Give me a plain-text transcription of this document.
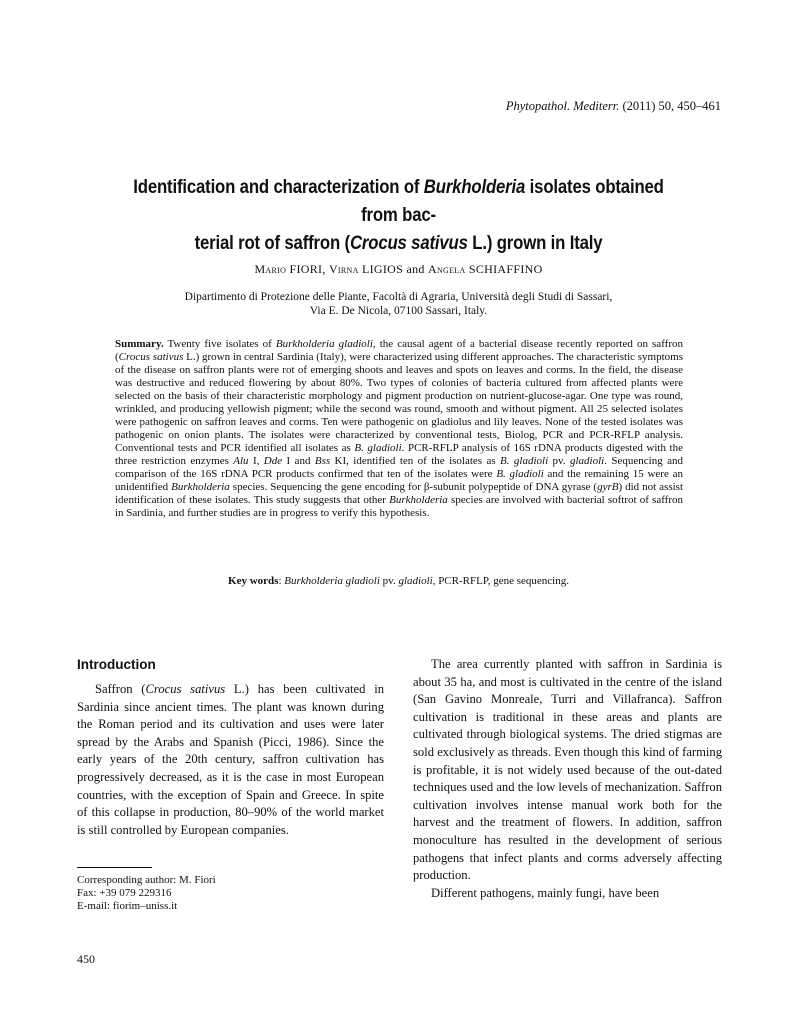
Phytopathol. Mediterr. (2011) 50, 450–461
Identification and characterization of Burkholderia isolates obtained from bac-
terial rot of saffron (Crocus sativus L.) grown in Italy
Mario FIORI, Virna LIGIOS and Angela SCHIAFFINO
Dipartimento di Protezione delle Piante, Facoltà di Agraria, Università degli Studi di Sassari,
Via E. De Nicola, 07100 Sassari, Italy.
Summary. Twenty five isolates of Burkholderia gladioli, the causal agent of a bacterial disease recently reported on saffron (Crocus sativus L.) grown in central Sardinia (Italy), were characterized using different approaches. The characteristic symptoms of the disease on saffron plants were rot of emerging shoots and leaves and spots on leaves and corms. In the field, the disease was destructive and reduced flowering by about 80%. Two types of colonies of bacteria cultured from affected plants were selected on the basis of their characteristic morphology and pigment production on nutrient-glucose-agar. One type was round, wrinkled, and producing yellowish pigment; while the second was round, smooth and without pigment. All 25 selected isolates were pathogenic on saffron leaves and corms. Ten were pathogenic on gladiolus and lily leaves. None of the tested isolates was pathogenic on onion plants. The isolates were characterized by conventional tests, Biolog, PCR and PCR-RFLP analysis. Conventional tests and PCR identified all isolates as B. gladioli. PCR-RFLP analysis of 16S rDNA products digested with the three restriction enzymes Alu I, Dde I and Bss KI, identified ten of the isolates as B. gladioli pv. gladioli. Sequencing and comparison of the 16S rDNA PCR products confirmed that ten of the isolates were B. gladioli and the remaining 15 were an unidentified Burkholderia species. Sequencing the gene encoding for β-subunit polypeptide of DNA gyrase (gyrB) did not assist identification of these isolates. This study suggests that other Burkholderia species are involved with bacterial softrot of saffron in Sardinia, and further studies are in progress to verify this hypothesis.
Key words: Burkholderia gladioli pv. gladioli, PCR-RFLP, gene sequencing.
Introduction

Saffron (Crocus sativus L.) has been cultivated in Sardinia since ancient times. The plant was known during the Roman period and its cultivation and uses were later spread by the Arabs and Spanish (Picci, 1986). Since the early years of the 20th century, saffron cultivation has progressively decreased, as it is the case in most European countries, with the exception of Spain and Greece. In spite of this collapse in production, 80–90% of the world market is still controlled by European companies.

The area currently planted with saffron in Sardinia is about 35 ha, and most is cultivated in the centre of the island (San Gavino Monreale, Turri and Villafranca). Saffron cultivation is traditional in these areas and plants are cultivated through biological systems. The dried stigmas are sold exclusively as threads. Even though this kind of farming is profitable, it is not widely used because of the out-dated techniques used and the low levels of mechanization. Saffron cultivation involves intense manual work both for the harvest and the treatment of flowers. In addition, saffron monoculture has resulted in the development of serious pathogens that infect plants and corms adversely affecting production.

Different pathogens, mainly fungi, have been

Corresponding author: M. Fiori
Fax: +39 079 229316
E-mail: fiorim–uniss.it
450
